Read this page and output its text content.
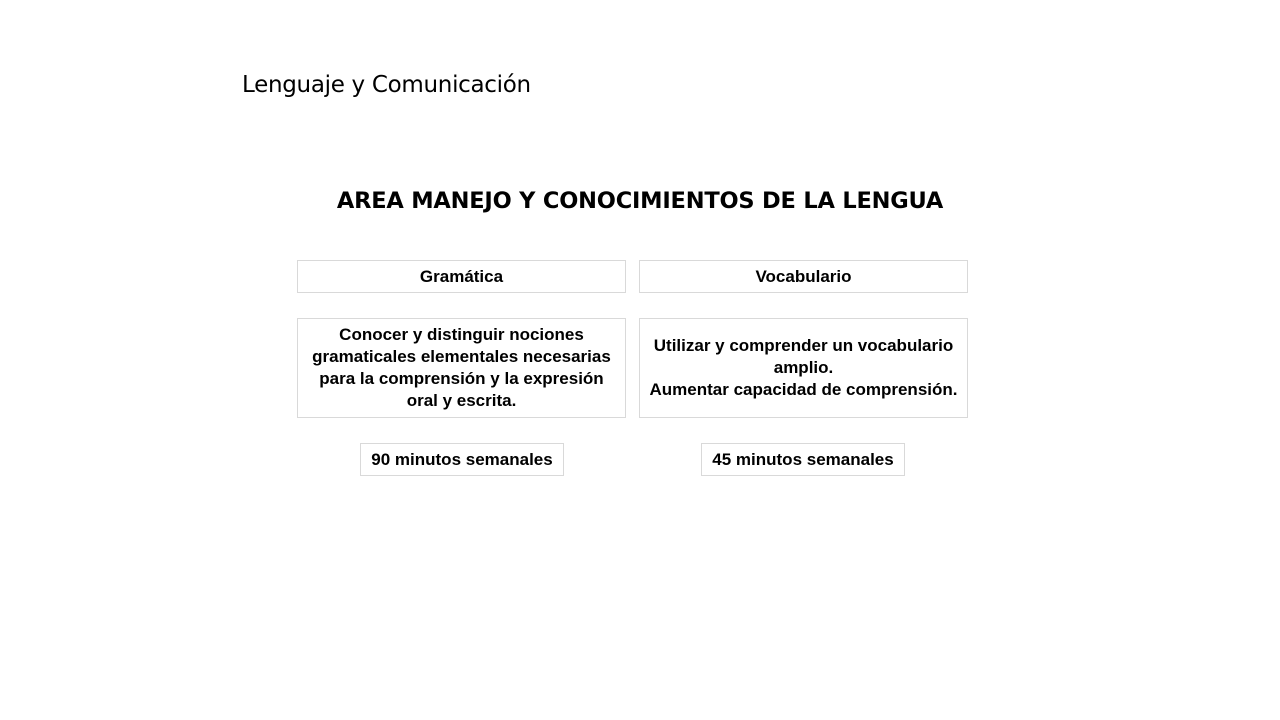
Lenguaje y Comunicación
AREA MANEJO Y CONOCIMIENTOS DE LA LENGUA
Gramática	Vocabulario
Conocer y distinguir nociones gramaticales elementales necesarias para la comprensión y la expresión oral y escrita.
Utilizar y comprender un vocabulario amplio.
Aumentar capacidad de comprensión.
90 minutos semanales	45 minutos semanales
